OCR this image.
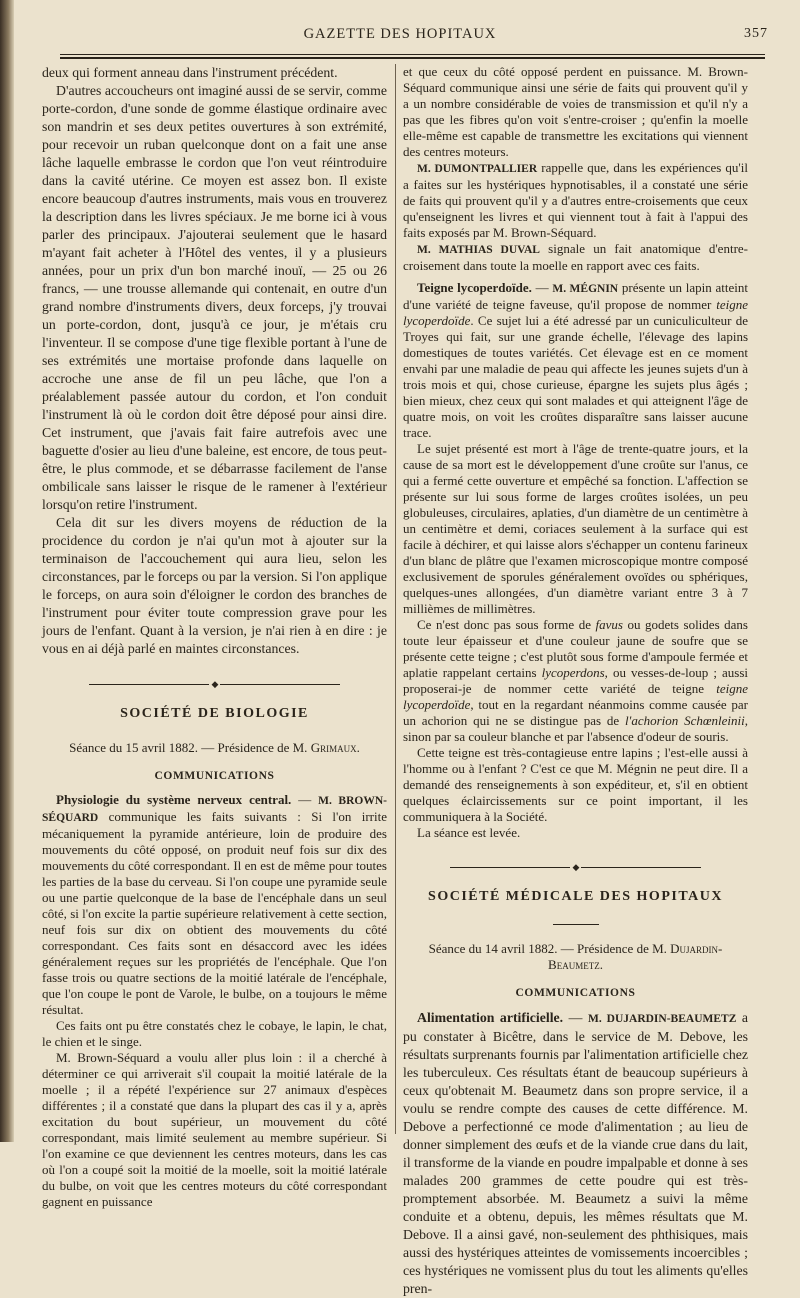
GAZETTE DES HOPITAUX	357

deux qui forment anneau dans l'instrument précédent.

D'autres accoucheurs ont imaginé aussi de se servir, comme porte-cordon, d'une sonde de gomme élastique ordinaire avec son mandrin et ses deux petites ouvertures à son extrémité, pour recevoir un ruban quelconque dont on a fait une anse lâche laquelle embrasse le cordon que l'on veut réintroduire dans la cavité utérine. Ce moyen est assez bon. Il existe encore beaucoup d'autres instruments, mais vous en trouverez la description dans les livres spéciaux. Je me borne ici à vous parler des principaux. J'ajouterai seulement que le hasard m'ayant fait acheter à l'Hôtel des ventes, il y a plusieurs années, pour un prix d'un bon marché inouï, — 25 ou 26 francs, — une trousse allemande qui contenait, en outre d'un grand nombre d'instruments divers, deux forceps, j'y trouvai un porte-cordon, dont, jusqu'à ce jour, je m'étais cru l'inventeur. Il se compose d'une tige flexible portant à l'une de ses extrémités une mortaise profonde dans laquelle on accroche une anse de fil un peu lâche, que l'on a préalablement passée autour du cordon, et l'on conduit l'instrument là où le cordon doit être déposé pour ainsi dire. Cet instrument, que j'avais fait faire autrefois avec une baguette d'osier au lieu d'une baleine, est encore, de tous peut-être, le plus commode, et se débarrasse facilement de l'anse ombilicale sans laisser le risque de le ramener à l'extérieur lorsqu'on retire l'instrument.

Cela dit sur les divers moyens de réduction de la procidence du cordon je n'ai qu'un mot à ajouter sur la terminaison de l'accouchement qui aura lieu, selon les circonstances, par le forceps ou par la version. Si l'on applique le forceps, on aura soin d'éloigner le cordon des branches de l'instrument pour éviter toute compression grave pour les jours de l'enfant. Quant à la version, je n'ai rien à en dire : je vous en ai déjà parlé en maintes circonstances.

◆
SOCIÉTÉ DE BIOLOGIE
Séance du 15 avril 1882. — Présidence de M. Grimaux.
COMMUNICATIONS

Physiologie du système nerveux central. — M. BROWN-SÉQUARD communique les faits suivants : Si l'on irrite mécaniquement la pyramide antérieure, loin de produire des mouvements du côté opposé, on produit neuf fois sur dix des mouvements du côté correspondant. Il en est de même pour toutes les parties de la base du cerveau. Si l'on coupe une pyramide seule ou une partie quelconque de la base de l'encéphale dans un seul côté, si l'on excite la partie supérieure relativement à cette section, neuf fois sur dix on obtient des mouvements du côté correspondant. Ces faits sont en désaccord avec les idées généralement reçues sur les propriétés de l'encéphale. Que l'on fasse trois ou quatre sections de la moitié latérale de l'encéphale, que l'on coupe le pont de Varole, le bulbe, on a toujours le même résultat.

Ces faits ont pu être constatés chez le cobaye, le lapin, le chat, le chien et le singe.

M. Brown-Séquard a voulu aller plus loin : il a cherché à déterminer ce qui arriverait s'il coupait la moitié latérale de la moelle ; il a répété l'expérience sur 27 animaux d'espèces différentes ; il a constaté que dans la plupart des cas il y a, après excitation du bout supérieur, un mouvement du côté correspondant, mais limité seulement au membre supérieur. Si l'on examine ce que deviennent les centres moteurs, dans les cas où l'on a coupé soit la moitié de la moelle, soit la moitié latérale du bulbe, on voit que les centres moteurs du côté correspondant gagnent en puissance

et que ceux du côté opposé perdent en puissance. M. Brown-Séquard communique ainsi une série de faits qui prouvent qu'il y a un nombre considérable de voies de transmission et qu'il n'y a pas que les fibres qu'on voit s'entre-croiser ; qu'enfin la moelle elle-même est capable de transmettre les excitations qui viennent des centres moteurs.

M. DUMONTPALLIER rappelle que, dans les expériences qu'il a faites sur les hystériques hypnotisables, il a constaté une série de faits qui prouvent qu'il y a d'autres entre-croisements que ceux qu'enseignent les livres et qui viennent tout à fait à l'appui des faits exposés par M. Brown-Séquard.

M. MATHIAS DUVAL signale un fait anatomique d'entre-croisement dans toute la moelle en rapport avec ces faits.

Teigne lycoperdoïde. — M. MÉGNIN présente un lapin atteint d'une variété de teigne faveuse, qu'il propose de nommer teigne lycoperdoïde. Ce sujet lui a été adressé par un cuniculiculteur de Troyes qui fait, sur une grande échelle, l'élevage des lapins domestiques de toutes variétés. Cet élevage est en ce moment envahi par une maladie de peau qui affecte les jeunes sujets d'un à trois mois et qui, chose curieuse, épargne les sujets plus âgés ; bien mieux, chez ceux qui sont malades et qui atteignent l'âge de quatre mois, on voit les croûtes disparaître sans laisser aucune trace.

Le sujet présenté est mort à l'âge de trente-quatre jours, et la cause de sa mort est le développement d'une croûte sur l'anus, ce qui a fermé cette ouverture et empêché sa fonction. L'affection se présente sur lui sous forme de larges croûtes isolées, un peu globuleuses, circulaires, aplaties, d'un diamètre de un centimètre à un centimètre et demi, coriaces seulement à la surface qui est facile à déchirer, et qui laisse alors s'échapper un contenu farineux d'un blanc de plâtre que l'examen microscopique montre composé exclusivement de sporules généralement ovoïdes ou sphériques, quelques-unes allongées, d'un diamètre variant entre 3 à 7 millièmes de millimètres.

Ce n'est donc pas sous forme de favus ou godets solides dans toute leur épaisseur et d'une couleur jaune de soufre que se présente cette teigne ; c'est plutôt sous forme d'ampoule fermée et aplatie rappelant certains lycoperdons, ou vesses-de-loup ; aussi proposerai-je de nommer cette variété de teigne teigne lycoperdoïde, tout en la regardant néanmoins comme causée par un achorion qui ne se distingue pas de l'achorion Schœnleinii, sinon par sa couleur blanche et par l'absence d'odeur de souris.

Cette teigne est très-contagieuse entre lapins ; l'est-elle aussi à l'homme ou à l'enfant ? C'est ce que M. Mégnin ne peut dire. Il a demandé des renseignements à son expéditeur, et, s'il en obtient quelques éclaircissements sur ce point important, il les communiquera à la Société.

La séance est levée.

◆
SOCIÉTÉ MÉDICALE DES HOPITAUX
Séance du 14 avril 1882. — Présidence de M. Dujardin-Beaumetz.
COMMUNICATIONS

Alimentation artificielle. — M. DUJARDIN-BEAUMETZ a pu constater à Bicêtre, dans le service de M. Debove, les résultats surprenants fournis par l'alimentation artificielle chez les tuberculeux. Ces résultats étant de beaucoup supérieurs à ceux qu'obtenait M. Beaumetz dans son propre service, il a voulu se rendre compte des causes de cette différence. M. Debove a perfectionné ce mode d'alimentation ; au lieu de donner simplement des œufs et de la viande crue dans du lait, il transforme de la viande en poudre impalpable et donne à ses malades 200 grammes de cette poudre qui est très-promptement absorbée. M. Beaumetz a suivi la même conduite et a obtenu, depuis, les mêmes résultats que M. Debove. Il a ainsi gavé, non-seulement des phthisiques, mais aussi des hystériques atteintes de vomissements incoercibles ; ces hystériques ne vomissent plus du tout les aliments qu'elles pren-
